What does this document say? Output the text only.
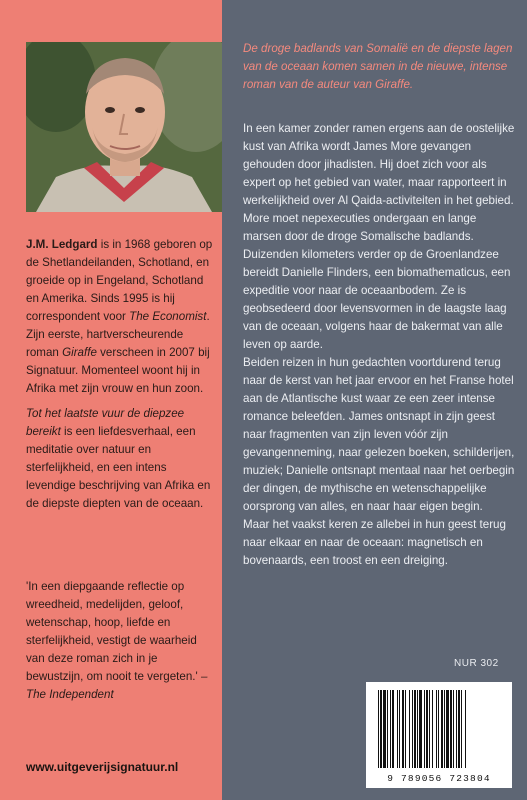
J.M. Ledgard is in 1968 geboren op de Shetlandeilanden, Schotland, en groeide op in Engeland, Schotland en Amerika. Sinds 1995 is hij correspondent voor The Economist. Zijn eerste, hartverscheurende roman Giraffe verscheen in 2007 bij Signatuur. Momenteel woont hij in Afrika met zijn vrouw en hun zoon.

Tot het laatste vuur de diepzee bereikt is een liefdesverhaal, een meditatie over natuur en sterfelijkheid, en een intens levendige beschrijving van Afrika en de diepste diepten van de oceaan.

'In een diepgaande reflectie op wreedheid, medelijden, geloof, wetenschap, hoop, liefde en sterfelijkheid, vestigt de waarheid van deze roman zich in je bewustzijn, om nooit te vergeten.' – The Independent

www.uitgeverijsignatuur.nl

De droge badlands van Somalië en de diepste lagen van de oceaan komen samen in de nieuwe, intense roman van de auteur van Giraffe.

In een kamer zonder ramen ergens aan de oostelijke kust van Afrika wordt James More gevangen gehouden door jihadisten. Hij doet zich voor als expert op het gebied van water, maar rapporteert in werkelijkheid over Al Qaida-activiteiten in het gebied. More moet nepexecuties ondergaan en lange marsen door de droge Somalische badlands. Duizenden kilometers verder op de Groenlandzee bereidt Danielle Flinders, een biomathematicus, een expeditie voor naar de oceaanbodem. Ze is geobsedeerd door levensvormen in de laagste laag van de oceaan, volgens haar de bakermat van alle leven op aarde.

Beiden reizen in hun gedachten voortdurend terug naar de kerst van het jaar ervoor en het Franse hotel aan de Atlantische kust waar ze een zeer intense romance beleefden. James ontsnapt in zijn geest naar fragmenten van zijn leven vóór zijn gevangenneming, naar gelezen boeken, schilderijen, muziek; Danielle ontsnapt mentaal naar het oerbegin der dingen, de mythische en wetenschappelijke oorsprong van alles, en naar haar eigen begin.

Maar het vaakst keren ze allebei in hun geest terug naar elkaar en naar de oceaan: magnetisch en bovenaards, een troost en een dreiging.

NUR 302
9 789056 723804
